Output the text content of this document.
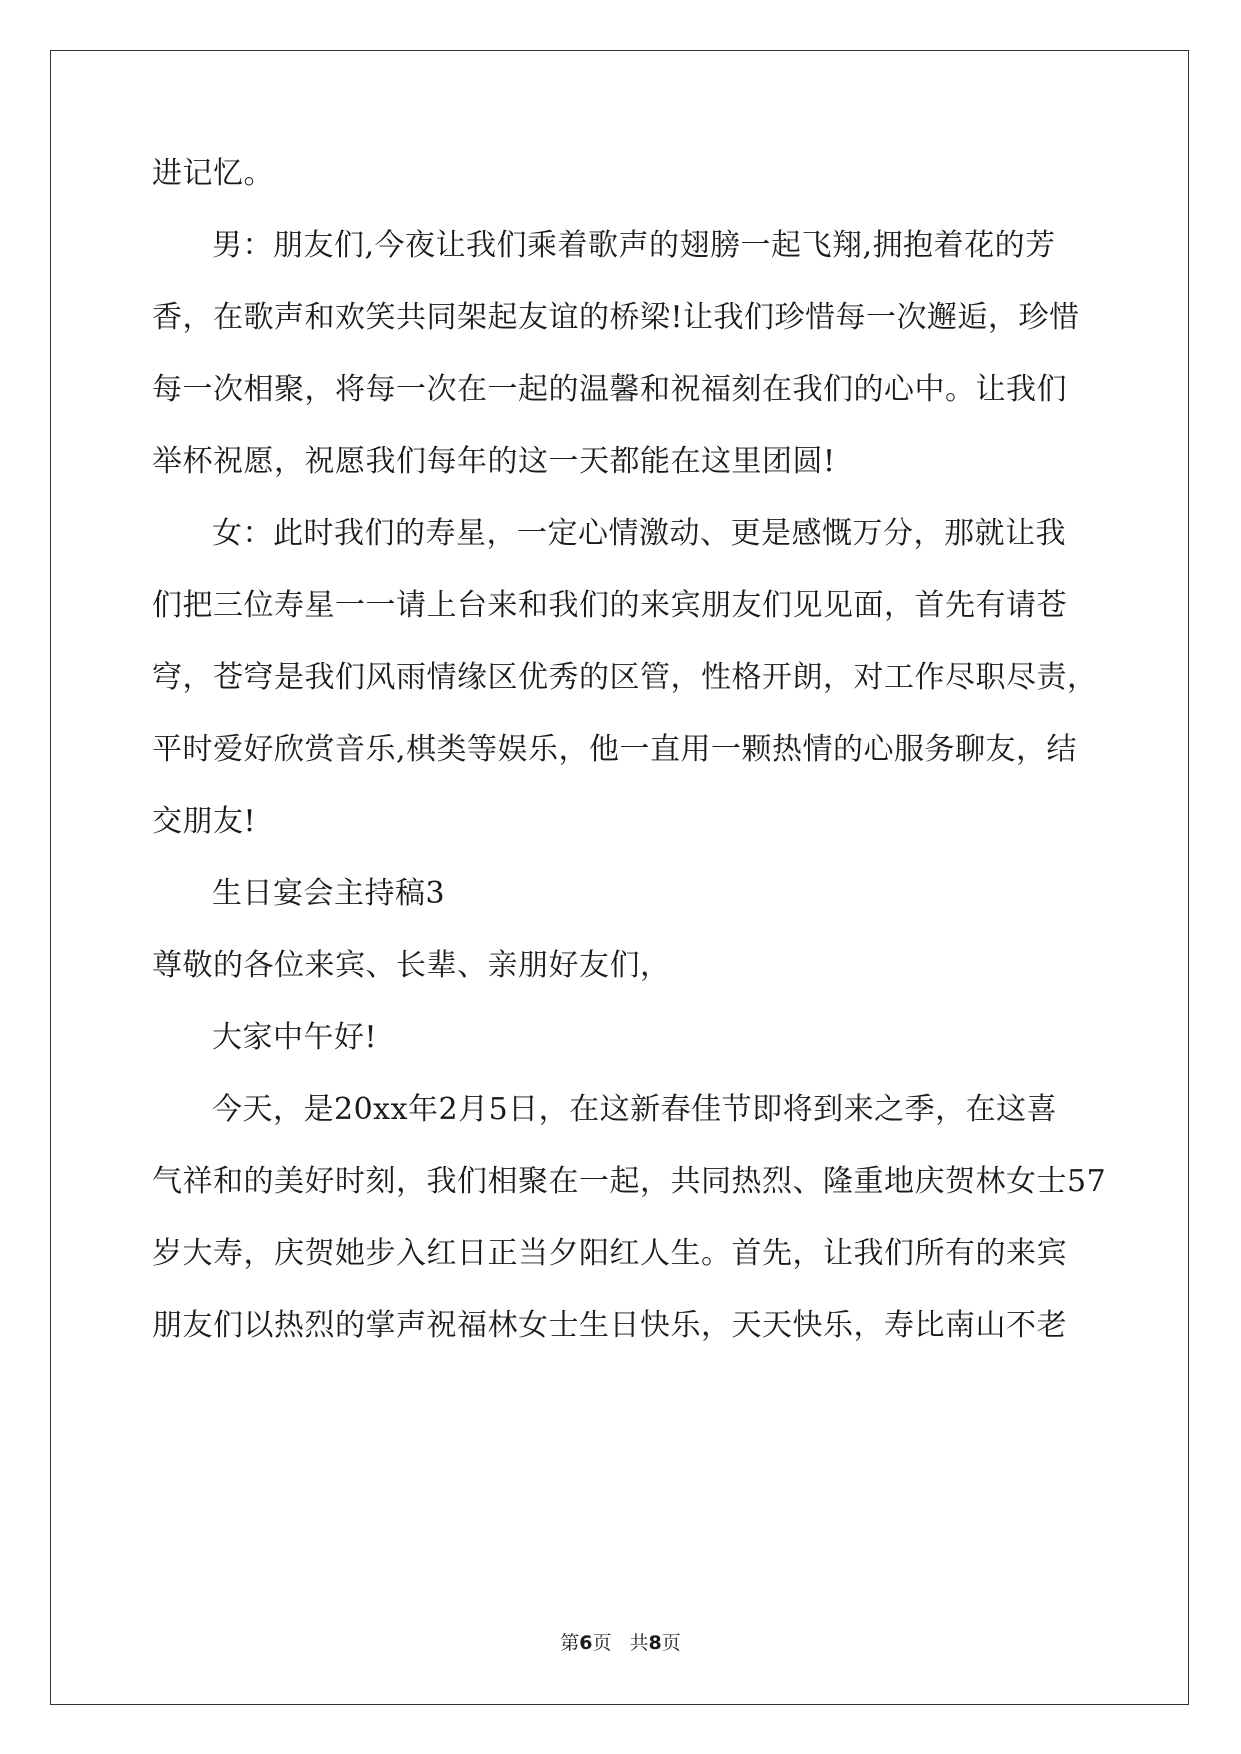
进记忆。
男：朋友们,今夜让我们乘着歌声的翅膀一起飞翔,拥抱着花的芳
香，在歌声和欢笑共同架起友谊的桥梁!让我们珍惜每一次邂逅，珍惜
每一次相聚，将每一次在一起的温馨和祝福刻在我们的心中。让我们
举杯祝愿，祝愿我们每年的这一天都能在这里团圆!
女：此时我们的寿星，一定心情激动、更是感慨万分，那就让我
们把三位寿星一一请上台来和我们的来宾朋友们见见面，首先有请苍
穹，苍穹是我们风雨情缘区优秀的区管，性格开朗，对工作尽职尽责，
平时爱好欣赏音乐,棋类等娱乐，他一直用一颗热情的心服务聊友，结
交朋友!
生日宴会主持稿3
尊敬的各位来宾、长辈、亲朋好友们，
大家中午好!
今天，是20xx年2月5日，在这新春佳节即将到来之季，在这喜
气祥和的美好时刻，我们相聚在一起，共同热烈、隆重地庆贺林女士57
岁大寿，庆贺她步入红日正当夕阳红人生。首先，让我们所有的来宾
朋友们以热烈的掌声祝福林女士生日快乐，天天快乐，寿比南山不老
第6页 共8页
